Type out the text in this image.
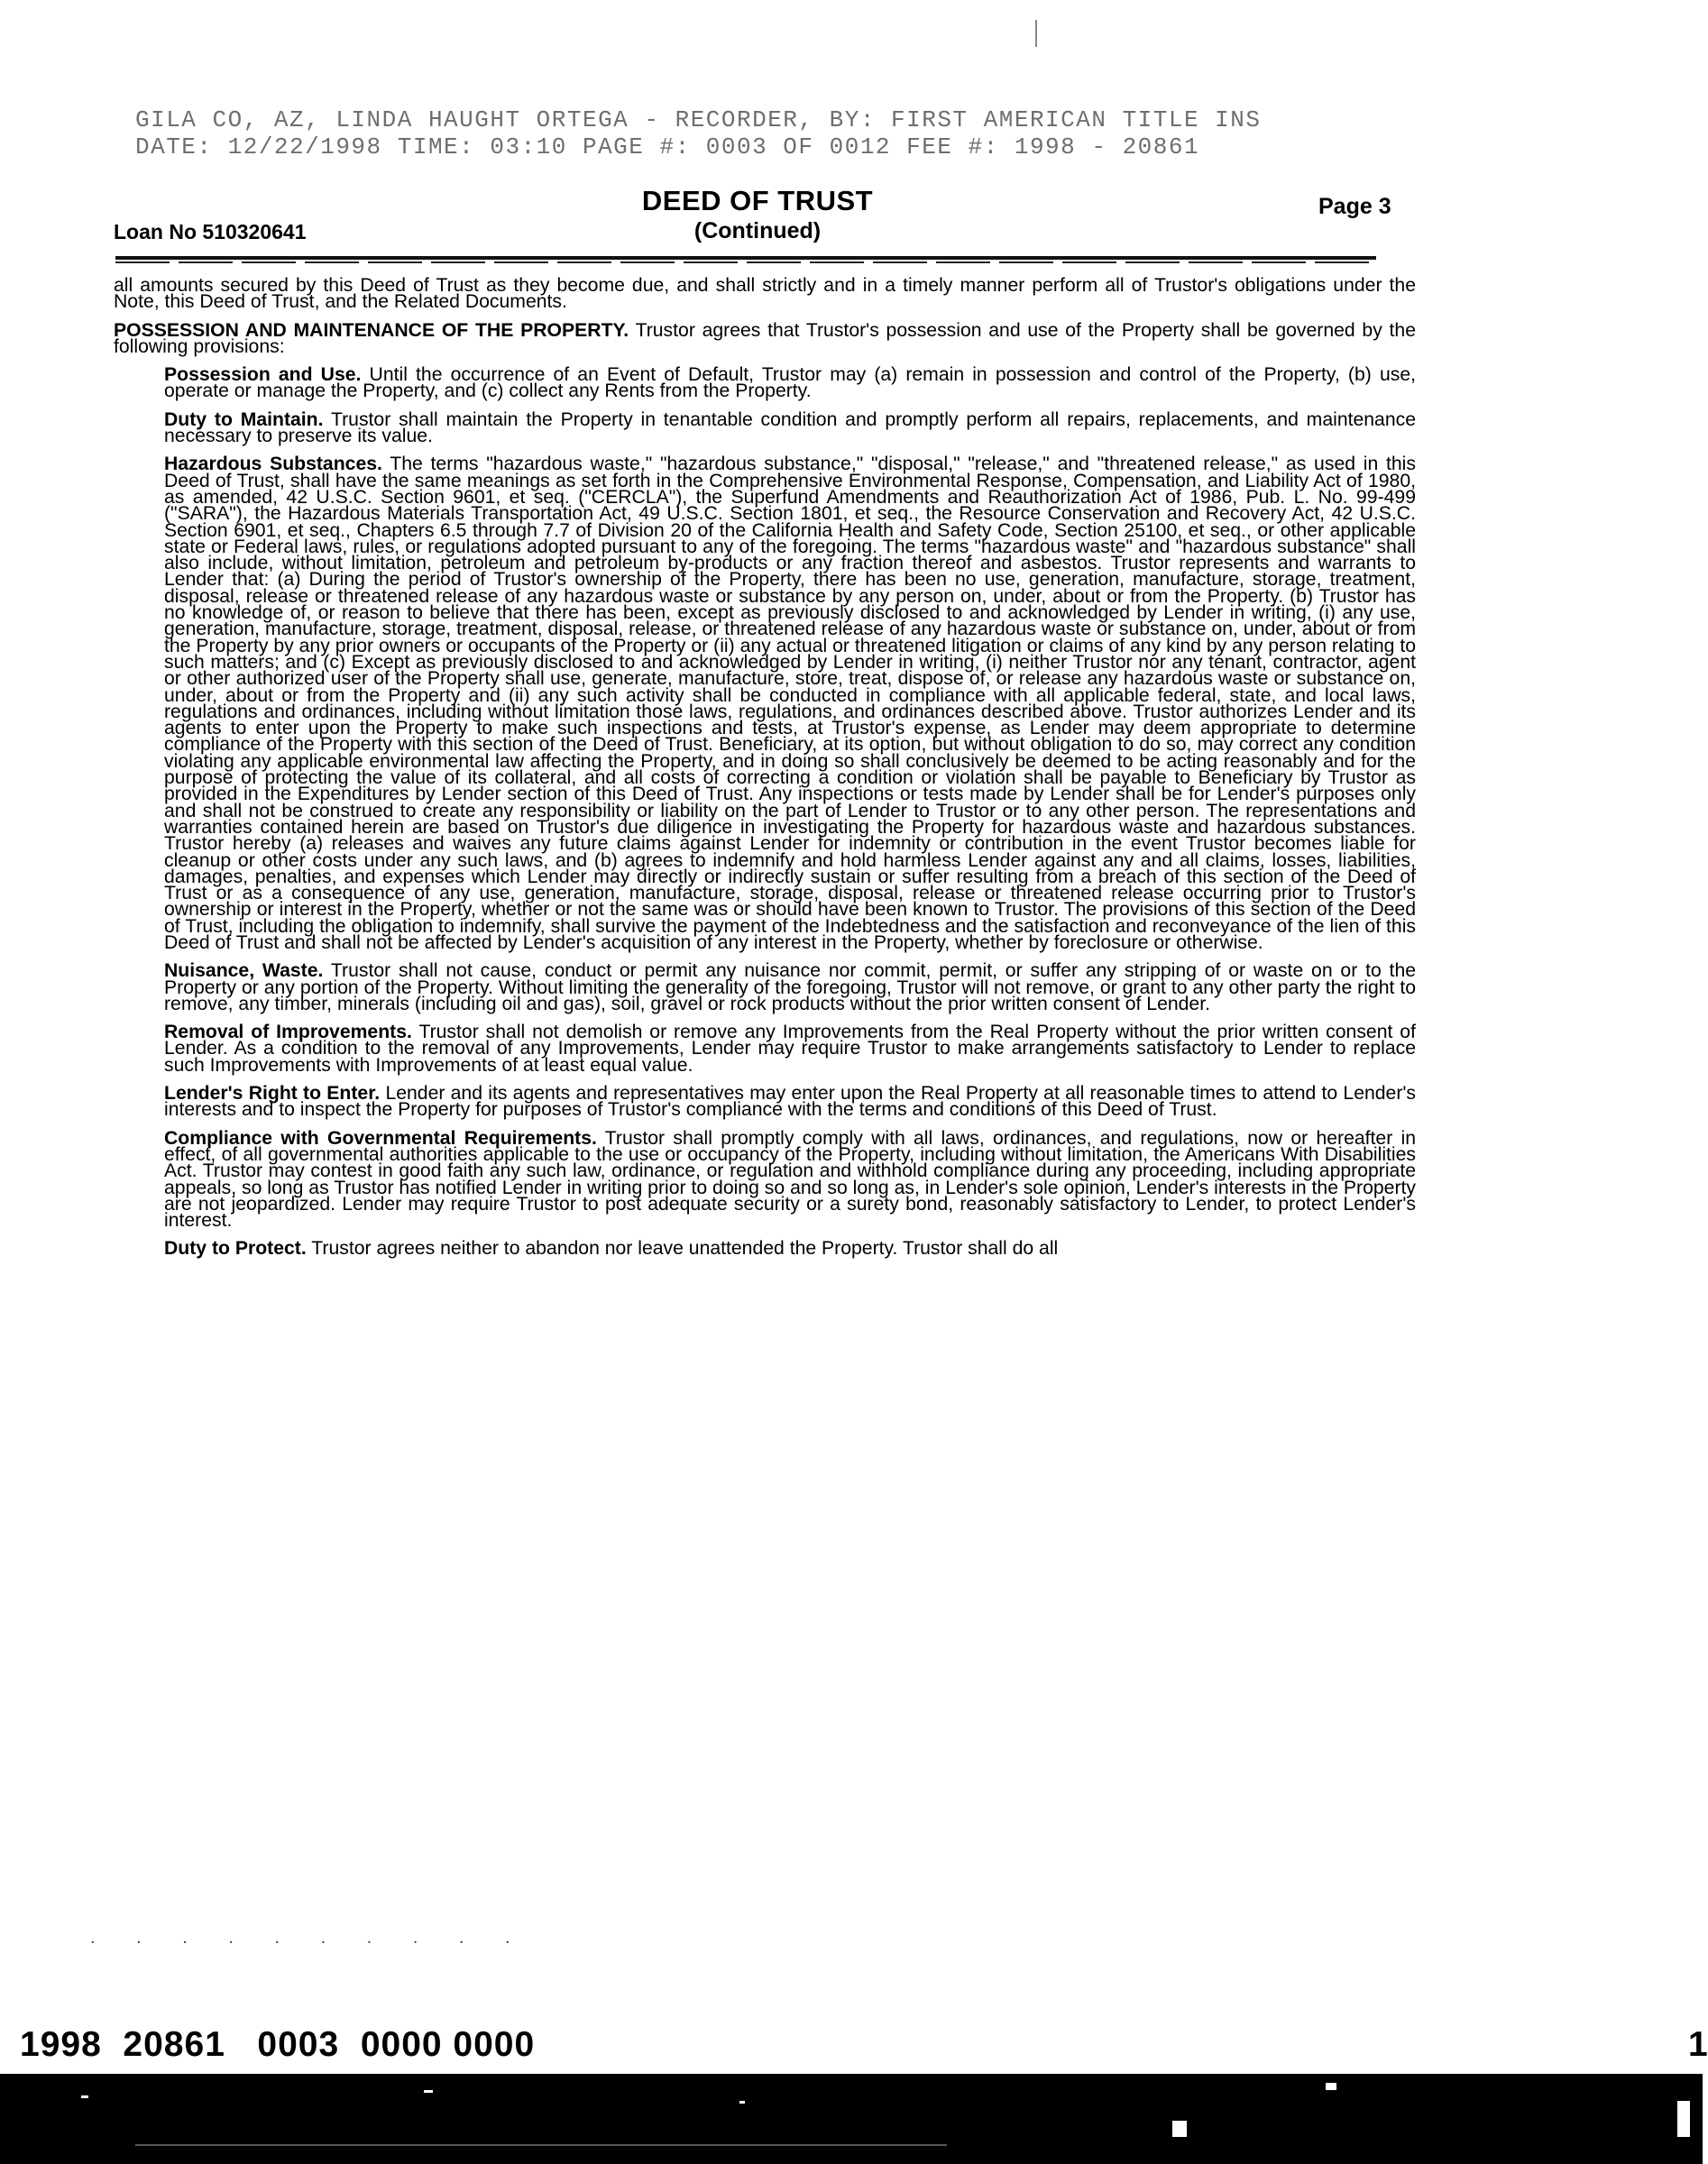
GILA CO, AZ, LINDA HAUGHT ORTEGA - RECORDER, BY: FIRST AMERICAN TITLE INS
DATE: 12/22/1998 TIME: 03:10 PAGE #: 0003 OF 0012 FEE #: 1998 - 20861
DEED OF TRUST
(Continued)
Loan No 510320641
Page 3

all amounts secured by this Deed of Trust as they become due, and shall strictly and in a timely manner perform all of Trustor's obligations under the Note, this Deed of Trust, and the Related Documents.

POSSESSION AND MAINTENANCE OF THE PROPERTY. Trustor agrees that Trustor's possession and use of the Property shall be governed by the following provisions:

Possession and Use. Until the occurrence of an Event of Default, Trustor may (a) remain in possession and control of the Property, (b) use, operate or manage the Property, and (c) collect any Rents from the Property.

Duty to Maintain. Trustor shall maintain the Property in tenantable condition and promptly perform all repairs, replacements, and maintenance necessary to preserve its value.

Hazardous Substances. The terms "hazardous waste," "hazardous substance," "disposal," "release," and "threatened release," as used in this Deed of Trust, shall have the same meanings as set forth in the Comprehensive Environmental Response, Compensation, and Liability Act of 1980, as amended, 42 U.S.C. Section 9601, et seq. ("CERCLA"), the Superfund Amendments and Reauthorization Act of 1986, Pub. L. No. 99-499 ("SARA"), the Hazardous Materials Transportation Act, 49 U.S.C. Section 1801, et seq., the Resource Conservation and Recovery Act, 42 U.S.C. Section 6901, et seq., Chapters 6.5 through 7.7 of Division 20 of the California Health and Safety Code, Section 25100, et seq., or other applicable state or Federal laws, rules, or regulations adopted pursuant to any of the foregoing. The terms "hazardous waste" and "hazardous substance" shall also include, without limitation, petroleum and petroleum by-products or any fraction thereof and asbestos. Trustor represents and warrants to Lender that: (a) During the period of Trustor's ownership of the Property, there has been no use, generation, manufacture, storage, treatment, disposal, release or threatened release of any hazardous waste or substance by any person on, under, about or from the Property. (b) Trustor has no knowledge of, or reason to believe that there has been, except as previously disclosed to and acknowledged by Lender in writing, (i) any use, generation, manufacture, storage, treatment, disposal, release, or threatened release of any hazardous waste or substance on, under, about or from the Property by any prior owners or occupants of the Property or (ii) any actual or threatened litigation or claims of any kind by any person relating to such matters; and (c) Except as previously disclosed to and acknowledged by Lender in writing, (i) neither Trustor nor any tenant, contractor, agent or other authorized user of the Property shall use, generate, manufacture, store, treat, dispose of, or release any hazardous waste or substance on, under, about or from the Property and (ii) any such activity shall be conducted in compliance with all applicable federal, state, and local laws, regulations and ordinances, including without limitation those laws, regulations, and ordinances described above. Trustor authorizes Lender and its agents to enter upon the Property to make such inspections and tests, at Trustor's expense, as Lender may deem appropriate to determine compliance of the Property with this section of the Deed of Trust. Beneficiary, at its option, but without obligation to do so, may correct any condition violating any applicable environmental law affecting the Property, and in doing so shall conclusively be deemed to be acting reasonably and for the purpose of protecting the value of its collateral, and all costs of correcting a condition or violation shall be payable to Beneficiary by Trustor as provided in the Expenditures by Lender section of this Deed of Trust. Any inspections or tests made by Lender shall be for Lender's purposes only and shall not be construed to create any responsibility or liability on the part of Lender to Trustor or to any other person. The representations and warranties contained herein are based on Trustor's due diligence in investigating the Property for hazardous waste and hazardous substances. Trustor hereby (a) releases and waives any future claims against Lender for indemnity or contribution in the event Trustor becomes liable for cleanup or other costs under any such laws, and (b) agrees to indemnify and hold harmless Lender against any and all claims, losses, liabilities, damages, penalties, and expenses which Lender may directly or indirectly sustain or suffer resulting from a breach of this section of the Deed of Trust or as a consequence of any use, generation, manufacture, storage, disposal, release or threatened release occurring prior to Trustor's ownership or interest in the Property, whether or not the same was or should have been known to Trustor. The provisions of this section of the Deed of Trust, including the obligation to indemnify, shall survive the payment of the Indebtedness and the satisfaction and reconveyance of the lien of this Deed of Trust and shall not be affected by Lender's acquisition of any interest in the Property, whether by foreclosure or otherwise.

Nuisance, Waste. Trustor shall not cause, conduct or permit any nuisance nor commit, permit, or suffer any stripping of or waste on or to the Property or any portion of the Property. Without limiting the generality of the foregoing, Trustor will not remove, or grant to any other party the right to remove, any timber, minerals (including oil and gas), soil, gravel or rock products without the prior written consent of Lender.

Removal of Improvements. Trustor shall not demolish or remove any Improvements from the Real Property without the prior written consent of Lender. As a condition to the removal of any Improvements, Lender may require Trustor to make arrangements satisfactory to Lender to replace such Improvements with Improvements of at least equal value.

Lender's Right to Enter. Lender and its agents and representatives may enter upon the Real Property at all reasonable times to attend to Lender's interests and to inspect the Property for purposes of Trustor's compliance with the terms and conditions of this Deed of Trust.

Compliance with Governmental Requirements. Trustor shall promptly comply with all laws, ordinances, and regulations, now or hereafter in effect, of all governmental authorities applicable to the use or occupancy of the Property, including without limitation, the Americans With Disabilities Act. Trustor may contest in good faith any such law, ordinance, or regulation and withhold compliance during any proceeding, including appropriate appeals, so long as Trustor has notified Lender in writing prior to doing so and so long as, in Lender's sole opinion, Lender's interests in the Property are not jeopardized. Lender may require Trustor to post adequate security or a surety bond, reasonably satisfactory to Lender, to protect Lender's interest.

Duty to Protect. Trustor agrees neither to abandon nor leave unattended the Property. Trustor shall do all

. . . . . . . . . .
1998  20861   0003  0000 0000	1
